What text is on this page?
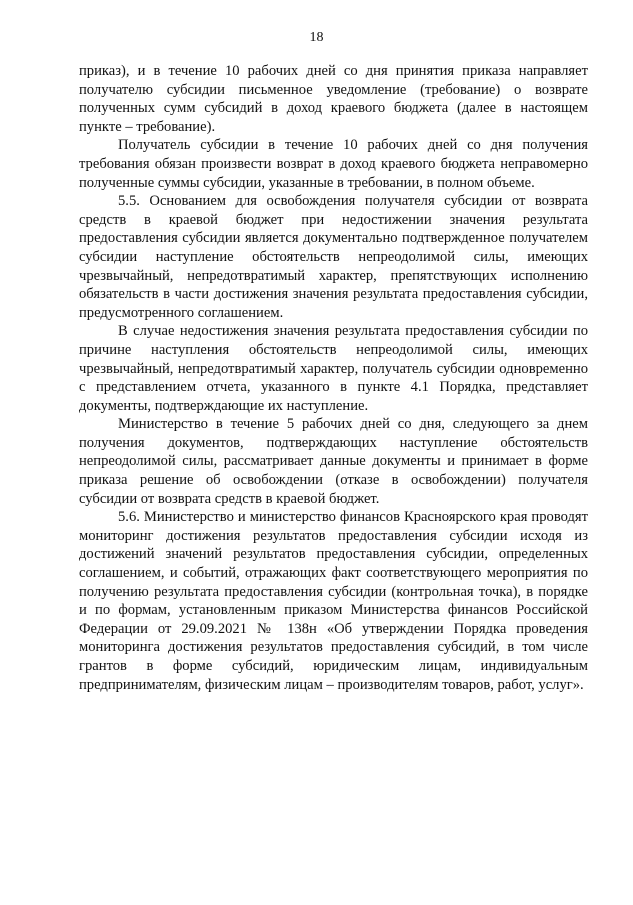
18

приказ), и в течение 10 рабочих дней со дня принятия приказа направляет получателю субсидии письменное уведомление (требование) о возврате полученных сумм субсидий в доход краевого бюджета (далее в настоящем пункте – требование).

Получатель субсидии в течение 10 рабочих дней со дня получения требования обязан произвести возврат в доход краевого бюджета неправомерно полученные суммы субсидии, указанные в требовании, в полном объеме.

5.5. Основанием для освобождения получателя субсидии от возврата средств в краевой бюджет при недостижении значения результата предоставления субсидии является документально подтвержденное получателем субсидии наступление обстоятельств непреодолимой силы, имеющих чрезвычайный, непредотвратимый характер, препятствующих исполнению обязательств в части достижения значения результата предоставления субсидии, предусмотренного соглашением.

В случае недостижения значения результата предоставления субсидии по причине наступления обстоятельств непреодолимой силы, имеющих чрезвычайный, непредотвратимый характер, получатель субсидии одновременно с представлением отчета, указанного в пункте 4.1 Порядка, представляет документы, подтверждающие их наступление.

Министерство в течение 5 рабочих дней со дня, следующего за днем получения документов, подтверждающих наступление обстоятельств непреодолимой силы, рассматривает данные документы и принимает в форме приказа решение об освобождении (отказе в освобождении) получателя субсидии от возврата средств в краевой бюджет.

5.6. Министерство и министерство финансов Красноярского края проводят мониторинг достижения результатов предоставления субсидии исходя из достижений значений результатов предоставления субсидии, определенных соглашением, и событий, отражающих факт соответствующего мероприятия по получению результата предоставления субсидии (контрольная точка), в порядке и по формам, установленным приказом Министерства финансов Российской Федерации от 29.09.2021 № 138н «Об утверждении Порядка проведения мониторинга достижения результатов предоставления субсидий, в том числе грантов в форме субсидий, юридическим лицам, индивидуальным предпринимателям, физическим лицам – производителям товаров, работ, услуг».
